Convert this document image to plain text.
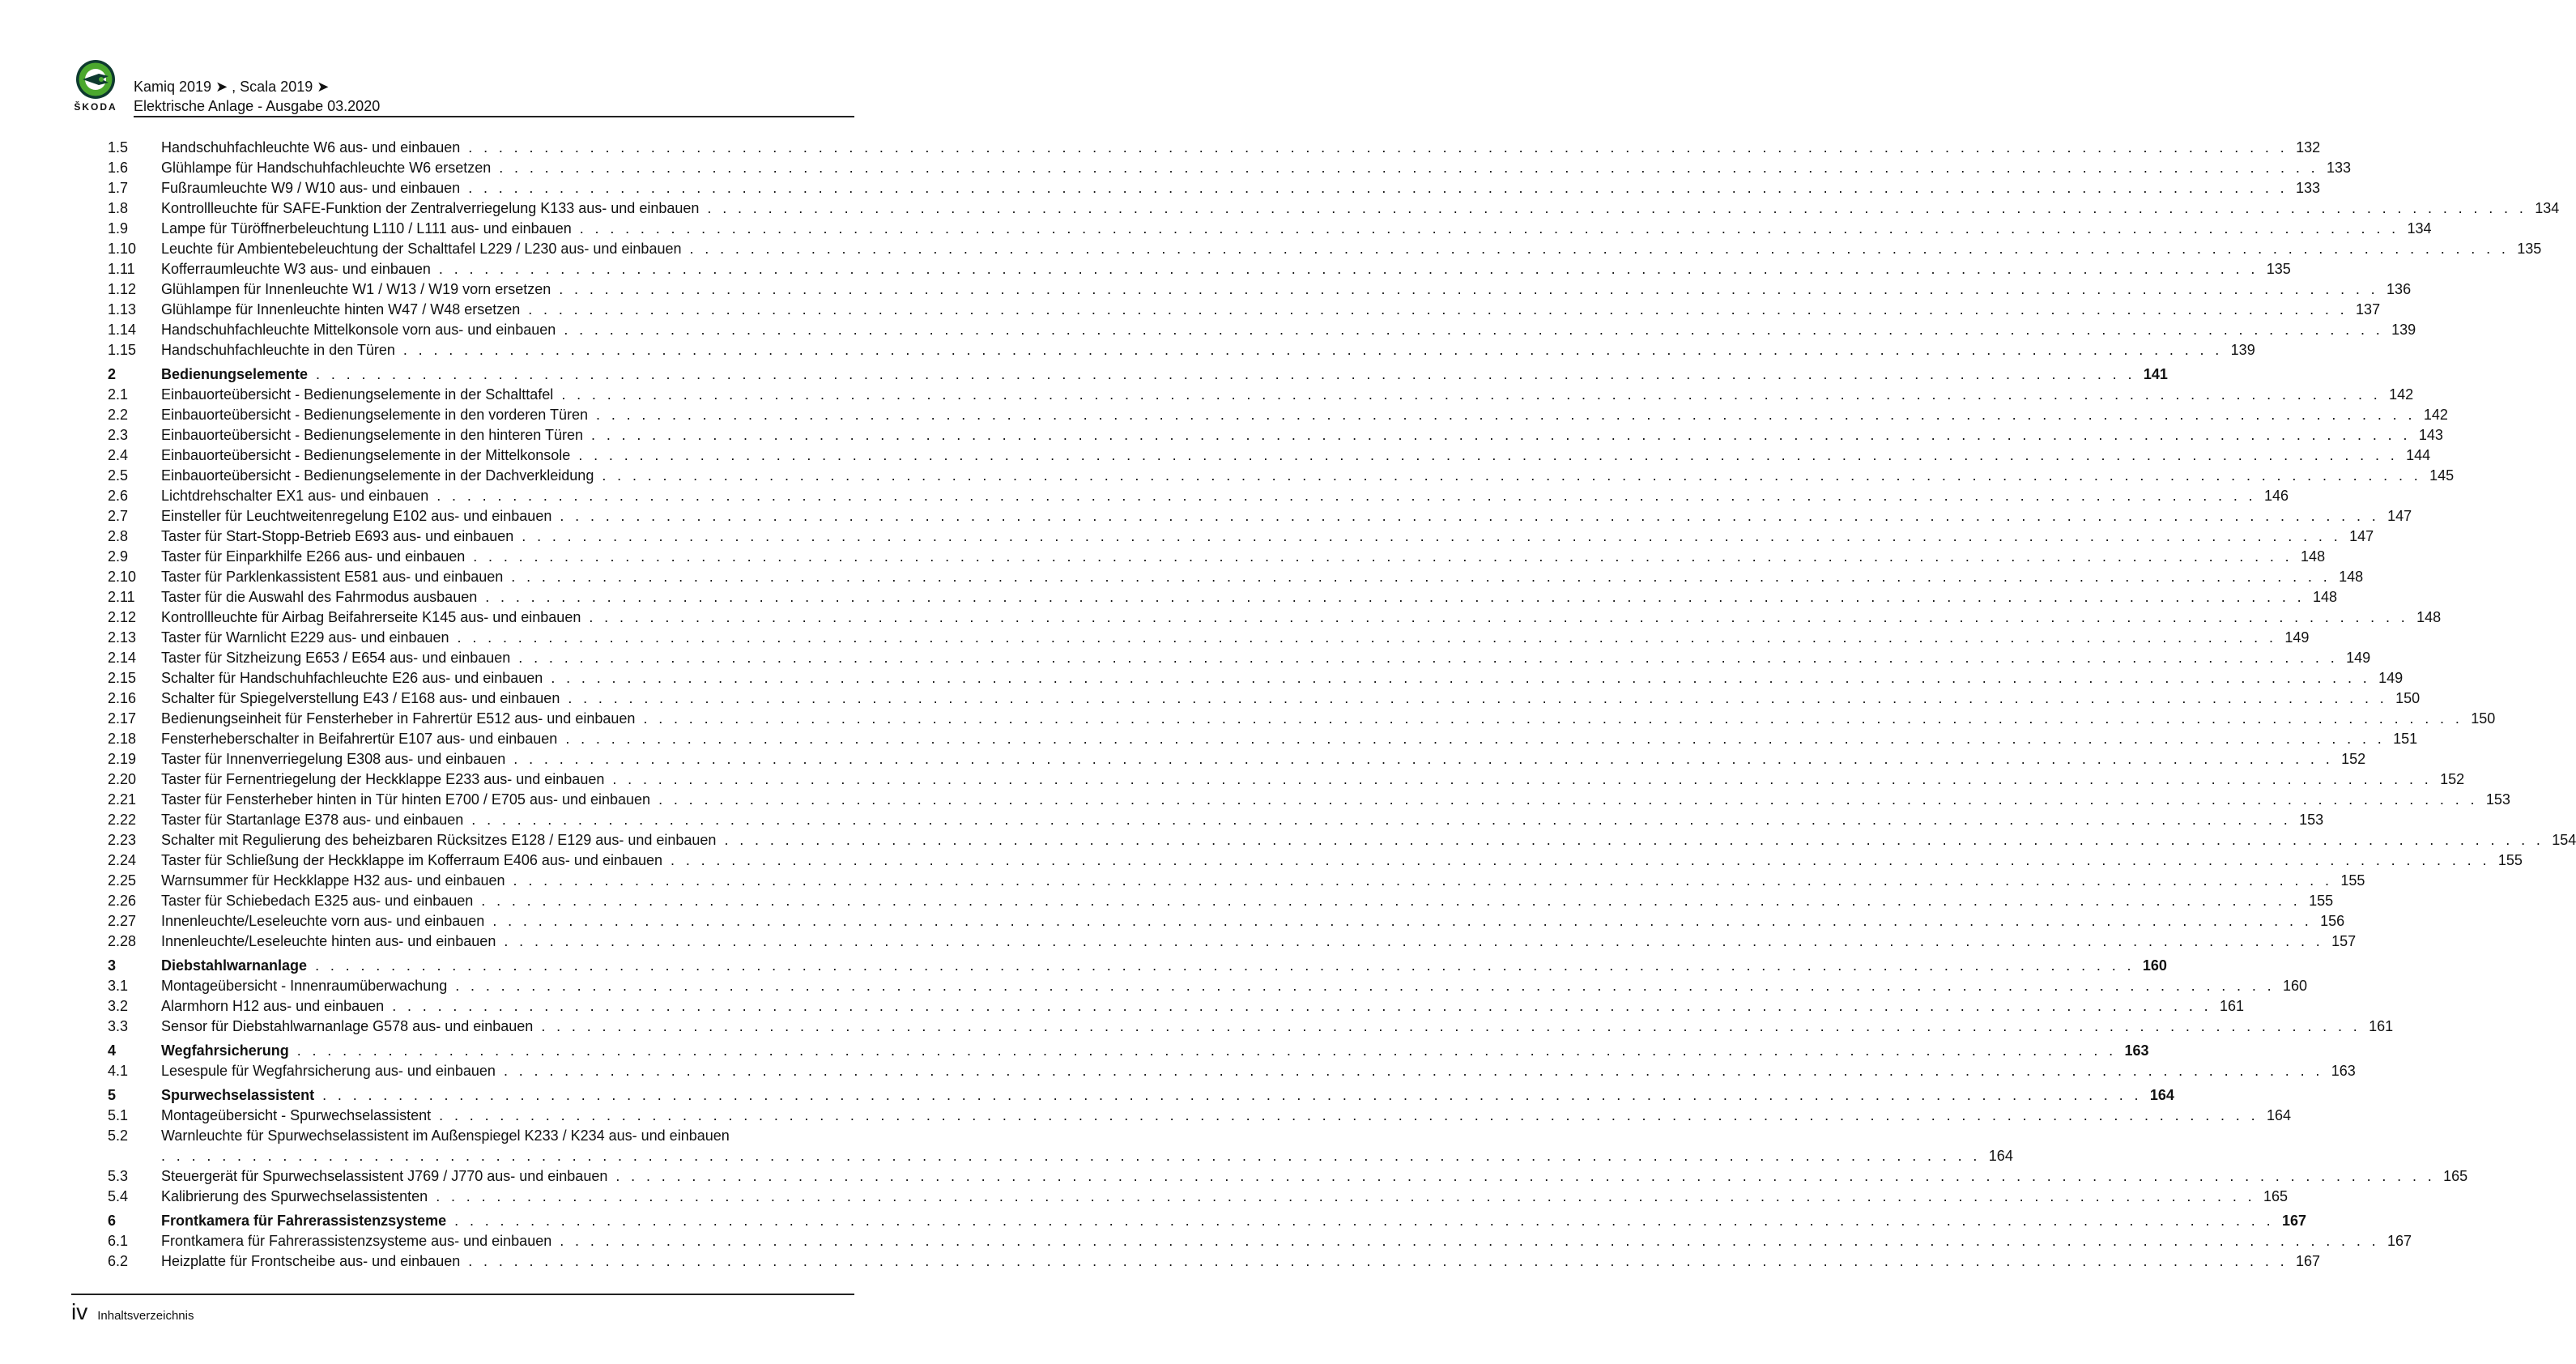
ŠKODA
Kamiq 2019 ➤ , Scala 2019 ➤
Elektrische Anlage - Ausgabe 03.2020
1.5	Handschuhfachleuchte W6 aus- und einbauen . . . . . . . . . . . . . . . . . . . . . . . . . . . . . . . . . . . . . . . . . . . . . . . . . . . . . . . . . . . . . . . . . . . . . . . . . . . . . . . . . . . . . . . . . . . . . . . . . . . . . . . . . . . . . . . . . . . . . . . . 132
1.6	Glühlampe für Handschuhfachleuchte W6 ersetzen . . . . . . . . . . . . . . . . . . . . . . . . . . . . . . . . . . . . . . . . . . . . . . . . . . . . . . . . . . . . . . . . . . . . . . . . . . . . . . . . . . . . . . . . . . . . . . . . . . . . . . . . . . . . . . . . . . . . . . . . 133
1.7	Fußraumleuchte W9 / W10 aus- und einbauen . . . . . . . . . . . . . . . . . . . . . . . . . . . . . . . . . . . . . . . . . . . . . . . . . . . . . . . . . . . . . . . . . . . . . . . . . . . . . . . . . . . . . . . . . . . . . . . . . . . . . . . . . . . . . . . . . . . . . . . . 133
1.8	Kontrollleuchte für SAFE-Funktion der Zentralverriegelung K133 aus- und einbauen . . . . . . . . . . . . . . . . . . . . . . . . . . . . . . . . . . . . . . . . . . . . . . . . . . . . . . . . . . . . . . . . . . . . . . . . . . . . . . . . . . . . . . . . . . . . . . . . . . . . . . . . . . . . . . . . . . . . . . . . 134
1.9	Lampe für Türöffnerbeleuchtung L110 / L111 aus- und einbauen . . . . . . . . . . . . . . . . . . . . . . . . . . . . . . . . . . . . . . . . . . . . . . . . . . . . . . . . . . . . . . . . . . . . . . . . . . . . . . . . . . . . . . . . . . . . . . . . . . . . . . . . . . . . . . . . . . . . . . . . 134
1.10	Leuchte für Ambientebeleuchtung der Schalttafel L229 / L230 aus- und einbauen . . . . . . . . . . . . . . . . . . . . . . . . . . . . . . . . . . . . . . . . . . . . . . . . . . . . . . . . . . . . . . . . . . . . . . . . . . . . . . . . . . . . . . . . . . . . . . . . . . . . . . . . . . . . . . . . . . . . . . . . 135
1.11	Kofferraumleuchte W3 aus- und einbauen . . . . . . . . . . . . . . . . . . . . . . . . . . . . . . . . . . . . . . . . . . . . . . . . . . . . . . . . . . . . . . . . . . . . . . . . . . . . . . . . . . . . . . . . . . . . . . . . . . . . . . . . . . . . . . . . . . . . . . . . 135
1.12	Glühlampen für Innenleuchte W1 / W13 / W19 vorn ersetzen . . . . . . . . . . . . . . . . . . . . . . . . . . . . . . . . . . . . . . . . . . . . . . . . . . . . . . . . . . . . . . . . . . . . . . . . . . . . . . . . . . . . . . . . . . . . . . . . . . . . . . . . . . . . . . . . . . . . . . . . 136
1.13	Glühlampe für Innenleuchte hinten W47 / W48 ersetzen . . . . . . . . . . . . . . . . . . . . . . . . . . . . . . . . . . . . . . . . . . . . . . . . . . . . . . . . . . . . . . . . . . . . . . . . . . . . . . . . . . . . . . . . . . . . . . . . . . . . . . . . . . . . . . . . . . . . . . . . 137
1.14	Handschuhfachleuchte Mittelkonsole vorn aus- und einbauen . . . . . . . . . . . . . . . . . . . . . . . . . . . . . . . . . . . . . . . . . . . . . . . . . . . . . . . . . . . . . . . . . . . . . . . . . . . . . . . . . . . . . . . . . . . . . . . . . . . . . . . . . . . . . . . . . . . . . . . . 139
1.15	Handschuhfachleuchte in den Türen . . . . . . . . . . . . . . . . . . . . . . . . . . . . . . . . . . . . . . . . . . . . . . . . . . . . . . . . . . . . . . . . . . . . . . . . . . . . . . . . . . . . . . . . . . . . . . . . . . . . . . . . . . . . . . . . . . . . . . . . 139
2	Bedienungselemente . . . . . . . . . . . . . . . . . . . . . . . . . . . . . . . . . . . . . . . . . . . . . . . . . . . . . . . . . . . . . . . . . . . . . . . . . . . . . . . . . . . . . . . . . . . . . . . . . . . . . . . . . . . . . . . . . . . . . . . . 141
2.1	Einbauorteübersicht - Bedienungselemente in der Schalttafel . . . . . . . . . . . . . . . . . . . . . . . . . . . . . . . . . . . . . . . . . . . . . . . . . . . . . . . . . . . . . . . . . . . . . . . . . . . . . . . . . . . . . . . . . . . . . . . . . . . . . . . . . . . . . . . . . . . . . . . . 142
2.2	Einbauorteübersicht - Bedienungselemente in den vorderen Türen . . . . . . . . . . . . . . . . . . . . . . . . . . . . . . . . . . . . . . . . . . . . . . . . . . . . . . . . . . . . . . . . . . . . . . . . . . . . . . . . . . . . . . . . . . . . . . . . . . . . . . . . . . . . . . . . . . . . . . . . 142
2.3	Einbauorteübersicht - Bedienungselemente in den hinteren Türen . . . . . . . . . . . . . . . . . . . . . . . . . . . . . . . . . . . . . . . . . . . . . . . . . . . . . . . . . . . . . . . . . . . . . . . . . . . . . . . . . . . . . . . . . . . . . . . . . . . . . . . . . . . . . . . . . . . . . . . . 143
2.4	Einbauorteübersicht - Bedienungselemente in der Mittelkonsole . . . . . . . . . . . . . . . . . . . . . . . . . . . . . . . . . . . . . . . . . . . . . . . . . . . . . . . . . . . . . . . . . . . . . . . . . . . . . . . . . . . . . . . . . . . . . . . . . . . . . . . . . . . . . . . . . . . . . . . . 144
2.5	Einbauorteübersicht - Bedienungselemente in der Dachverkleidung . . . . . . . . . . . . . . . . . . . . . . . . . . . . . . . . . . . . . . . . . . . . . . . . . . . . . . . . . . . . . . . . . . . . . . . . . . . . . . . . . . . . . . . . . . . . . . . . . . . . . . . . . . . . . . . . . . . . . . . . 145
2.6	Lichtdrehschalter EX1 aus- und einbauen . . . . . . . . . . . . . . . . . . . . . . . . . . . . . . . . . . . . . . . . . . . . . . . . . . . . . . . . . . . . . . . . . . . . . . . . . . . . . . . . . . . . . . . . . . . . . . . . . . . . . . . . . . . . . . . . . . . . . . . . 146
2.7	Einsteller für Leuchtweitenregelung E102 aus- und einbauen . . . . . . . . . . . . . . . . . . . . . . . . . . . . . . . . . . . . . . . . . . . . . . . . . . . . . . . . . . . . . . . . . . . . . . . . . . . . . . . . . . . . . . . . . . . . . . . . . . . . . . . . . . . . . . . . . . . . . . . . 147
2.8	Taster für Start-Stopp-Betrieb E693 aus- und einbauen . . . . . . . . . . . . . . . . . . . . . . . . . . . . . . . . . . . . . . . . . . . . . . . . . . . . . . . . . . . . . . . . . . . . . . . . . . . . . . . . . . . . . . . . . . . . . . . . . . . . . . . . . . . . . . . . . . . . . . . . 147
2.9	Taster für Einparkhilfe E266 aus- und einbauen . . . . . . . . . . . . . . . . . . . . . . . . . . . . . . . . . . . . . . . . . . . . . . . . . . . . . . . . . . . . . . . . . . . . . . . . . . . . . . . . . . . . . . . . . . . . . . . . . . . . . . . . . . . . . . . . . . . . . . . . 148
2.10	Taster für Parklenkassistent E581 aus- und einbauen . . . . . . . . . . . . . . . . . . . . . . . . . . . . . . . . . . . . . . . . . . . . . . . . . . . . . . . . . . . . . . . . . . . . . . . . . . . . . . . . . . . . . . . . . . . . . . . . . . . . . . . . . . . . . . . . . . . . . . . . 148
2.11	Taster für die Auswahl des Fahrmodus ausbauen . . . . . . . . . . . . . . . . . . . . . . . . . . . . . . . . . . . . . . . . . . . . . . . . . . . . . . . . . . . . . . . . . . . . . . . . . . . . . . . . . . . . . . . . . . . . . . . . . . . . . . . . . . . . . . . . . . . . . . . . 148
2.12	Kontrollleuchte für Airbag Beifahrerseite K145 aus- und einbauen . . . . . . . . . . . . . . . . . . . . . . . . . . . . . . . . . . . . . . . . . . . . . . . . . . . . . . . . . . . . . . . . . . . . . . . . . . . . . . . . . . . . . . . . . . . . . . . . . . . . . . . . . . . . . . . . . . . . . . . . 148
2.13	Taster für Warnlicht E229 aus- und einbauen . . . . . . . . . . . . . . . . . . . . . . . . . . . . . . . . . . . . . . . . . . . . . . . . . . . . . . . . . . . . . . . . . . . . . . . . . . . . . . . . . . . . . . . . . . . . . . . . . . . . . . . . . . . . . . . . . . . . . . . . 149
2.14	Taster für Sitzheizung E653 / E654 aus- und einbauen . . . . . . . . . . . . . . . . . . . . . . . . . . . . . . . . . . . . . . . . . . . . . . . . . . . . . . . . . . . . . . . . . . . . . . . . . . . . . . . . . . . . . . . . . . . . . . . . . . . . . . . . . . . . . . . . . . . . . . . . 149
2.15	Schalter für Handschuhfachleuchte E26 aus- und einbauen . . . . . . . . . . . . . . . . . . . . . . . . . . . . . . . . . . . . . . . . . . . . . . . . . . . . . . . . . . . . . . . . . . . . . . . . . . . . . . . . . . . . . . . . . . . . . . . . . . . . . . . . . . . . . . . . . . . . . . . . 149
2.16	Schalter für Spiegelverstellung E43 / E168 aus- und einbauen . . . . . . . . . . . . . . . . . . . . . . . . . . . . . . . . . . . . . . . . . . . . . . . . . . . . . . . . . . . . . . . . . . . . . . . . . . . . . . . . . . . . . . . . . . . . . . . . . . . . . . . . . . . . . . . . . . . . . . . . 150
2.17	Bedienungseinheit für Fensterheber in Fahrertür E512 aus- und einbauen . . . . . . . . . . . . . . . . . . . . . . . . . . . . . . . . . . . . . . . . . . . . . . . . . . . . . . . . . . . . . . . . . . . . . . . . . . . . . . . . . . . . . . . . . . . . . . . . . . . . . . . . . . . . . . . . . . . . . . . . 150
2.18	Fensterheberschalter in Beifahrertür E107 aus- und einbauen . . . . . . . . . . . . . . . . . . . . . . . . . . . . . . . . . . . . . . . . . . . . . . . . . . . . . . . . . . . . . . . . . . . . . . . . . . . . . . . . . . . . . . . . . . . . . . . . . . . . . . . . . . . . . . . . . . . . . . . . 151
2.19	Taster für Innenverriegelung E308 aus- und einbauen . . . . . . . . . . . . . . . . . . . . . . . . . . . . . . . . . . . . . . . . . . . . . . . . . . . . . . . . . . . . . . . . . . . . . . . . . . . . . . . . . . . . . . . . . . . . . . . . . . . . . . . . . . . . . . . . . . . . . . . . 152
2.20	Taster für Fernentriegelung der Heckklappe E233 aus- und einbauen . . . . . . . . . . . . . . . . . . . . . . . . . . . . . . . . . . . . . . . . . . . . . . . . . . . . . . . . . . . . . . . . . . . . . . . . . . . . . . . . . . . . . . . . . . . . . . . . . . . . . . . . . . . . . . . . . . . . . . . . 152
2.21	Taster für Fensterheber hinten in Tür hinten E700 / E705 aus- und einbauen . . . . . . . . . . . . . . . . . . . . . . . . . . . . . . . . . . . . . . . . . . . . . . . . . . . . . . . . . . . . . . . . . . . . . . . . . . . . . . . . . . . . . . . . . . . . . . . . . . . . . . . . . . . . . . . . . . . . . . . . 153
2.22	Taster für Startanlage E378 aus- und einbauen . . . . . . . . . . . . . . . . . . . . . . . . . . . . . . . . . . . . . . . . . . . . . . . . . . . . . . . . . . . . . . . . . . . . . . . . . . . . . . . . . . . . . . . . . . . . . . . . . . . . . . . . . . . . . . . . . . . . . . . . 153
2.23	Schalter mit Regulierung des beheizbaren Rücksitzes E128 / E129 aus- und einbauen . . . . . . . . . . . . . . . . . . . . . . . . . . . . . . . . . . . . . . . . . . . . . . . . . . . . . . . . . . . . . . . . . . . . . . . . . . . . . . . . . . . . . . . . . . . . . . . . . . . . . . . . . . . . . . . . . . . . . . . . 154
2.24	Taster für Schließung der Heckklappe im Kofferraum E406 aus- und einbauen . . . . . . . . . . . . . . . . . . . . . . . . . . . . . . . . . . . . . . . . . . . . . . . . . . . . . . . . . . . . . . . . . . . . . . . . . . . . . . . . . . . . . . . . . . . . . . . . . . . . . . . . . . . . . . . . . . . . . . . . 155
2.25	Warnsummer für Heckklappe H32 aus- und einbauen . . . . . . . . . . . . . . . . . . . . . . . . . . . . . . . . . . . . . . . . . . . . . . . . . . . . . . . . . . . . . . . . . . . . . . . . . . . . . . . . . . . . . . . . . . . . . . . . . . . . . . . . . . . . . . . . . . . . . . . . 155
2.26	Taster für Schiebedach E325 aus- und einbauen . . . . . . . . . . . . . . . . . . . . . . . . . . . . . . . . . . . . . . . . . . . . . . . . . . . . . . . . . . . . . . . . . . . . . . . . . . . . . . . . . . . . . . . . . . . . . . . . . . . . . . . . . . . . . . . . . . . . . . . . 155
2.27	Innenleuchte/Leseleuchte vorn aus- und einbauen . . . . . . . . . . . . . . . . . . . . . . . . . . . . . . . . . . . . . . . . . . . . . . . . . . . . . . . . . . . . . . . . . . . . . . . . . . . . . . . . . . . . . . . . . . . . . . . . . . . . . . . . . . . . . . . . . . . . . . . . 156
2.28	Innenleuchte/Leseleuchte hinten aus- und einbauen . . . . . . . . . . . . . . . . . . . . . . . . . . . . . . . . . . . . . . . . . . . . . . . . . . . . . . . . . . . . . . . . . . . . . . . . . . . . . . . . . . . . . . . . . . . . . . . . . . . . . . . . . . . . . . . . . . . . . . . . 157
3	Diebstahlwarnanlage . . . . . . . . . . . . . . . . . . . . . . . . . . . . . . . . . . . . . . . . . . . . . . . . . . . . . . . . . . . . . . . . . . . . . . . . . . . . . . . . . . . . . . . . . . . . . . . . . . . . . . . . . . . . . . . . . . . . . . . . 160
3.1	Montageübersicht - Innenraumüberwachung . . . . . . . . . . . . . . . . . . . . . . . . . . . . . . . . . . . . . . . . . . . . . . . . . . . . . . . . . . . . . . . . . . . . . . . . . . . . . . . . . . . . . . . . . . . . . . . . . . . . . . . . . . . . . . . . . . . . . . . . 160
3.2	Alarmhorn H12 aus- und einbauen . . . . . . . . . . . . . . . . . . . . . . . . . . . . . . . . . . . . . . . . . . . . . . . . . . . . . . . . . . . . . . . . . . . . . . . . . . . . . . . . . . . . . . . . . . . . . . . . . . . . . . . . . . . . . . . . . . . . . . . . 161
3.3	Sensor für Diebstahlwarnanlage G578 aus- und einbauen . . . . . . . . . . . . . . . . . . . . . . . . . . . . . . . . . . . . . . . . . . . . . . . . . . . . . . . . . . . . . . . . . . . . . . . . . . . . . . . . . . . . . . . . . . . . . . . . . . . . . . . . . . . . . . . . . . . . . . . . 161
4	Wegfahrsicherung . . . . . . . . . . . . . . . . . . . . . . . . . . . . . . . . . . . . . . . . . . . . . . . . . . . . . . . . . . . . . . . . . . . . . . . . . . . . . . . . . . . . . . . . . . . . . . . . . . . . . . . . . . . . . . . . . . . . . . . . 163
4.1	Lesespule für Wegfahrsicherung aus- und einbauen . . . . . . . . . . . . . . . . . . . . . . . . . . . . . . . . . . . . . . . . . . . . . . . . . . . . . . . . . . . . . . . . . . . . . . . . . . . . . . . . . . . . . . . . . . . . . . . . . . . . . . . . . . . . . . . . . . . . . . . . 163
5	Spurwechselassistent . . . . . . . . . . . . . . . . . . . . . . . . . . . . . . . . . . . . . . . . . . . . . . . . . . . . . . . . . . . . . . . . . . . . . . . . . . . . . . . . . . . . . . . . . . . . . . . . . . . . . . . . . . . . . . . . . . . . . . . . 164
5.1	Montageübersicht - Spurwechselassistent . . . . . . . . . . . . . . . . . . . . . . . . . . . . . . . . . . . . . . . . . . . . . . . . . . . . . . . . . . . . . . . . . . . . . . . . . . . . . . . . . . . . . . . . . . . . . . . . . . . . . . . . . . . . . . . . . . . . . . . . 164
5.2	Warnleuchte für Spurwechselassistent im Außenspiegel K233 / K234 aus- und einbauen
. . . . . . . . . . . . . . . . . . . . . . . . . . . . . . . . . . . . . . . . . . . . . . . . . . . . . . . . . . . . . . . . . . . . . . . . . . . . . . . . . . . . . . . . . . . . . . . . . . . . . . . . . . . . . . . . . . . . . . . . 164
5.3	Steuergerät für Spurwechselassistent J769 / J770 aus- und einbauen . . . . . . . . . . . . . . . . . . . . . . . . . . . . . . . . . . . . . . . . . . . . . . . . . . . . . . . . . . . . . . . . . . . . . . . . . . . . . . . . . . . . . . . . . . . . . . . . . . . . . . . . . . . . . . . . . . . . . . . . 165
5.4	Kalibrierung des Spurwechselassistenten . . . . . . . . . . . . . . . . . . . . . . . . . . . . . . . . . . . . . . . . . . . . . . . . . . . . . . . . . . . . . . . . . . . . . . . . . . . . . . . . . . . . . . . . . . . . . . . . . . . . . . . . . . . . . . . . . . . . . . . . 165
6	Frontkamera für Fahrerassistenzsysteme . . . . . . . . . . . . . . . . . . . . . . . . . . . . . . . . . . . . . . . . . . . . . . . . . . . . . . . . . . . . . . . . . . . . . . . . . . . . . . . . . . . . . . . . . . . . . . . . . . . . . . . . . . . . . . . . . . . . . . . . 167
6.1	Frontkamera für Fahrerassistenzsysteme aus- und einbauen . . . . . . . . . . . . . . . . . . . . . . . . . . . . . . . . . . . . . . . . . . . . . . . . . . . . . . . . . . . . . . . . . . . . . . . . . . . . . . . . . . . . . . . . . . . . . . . . . . . . . . . . . . . . . . . . . . . . . . . . 167
6.2	Heizplatte für Frontscheibe aus- und einbauen . . . . . . . . . . . . . . . . . . . . . . . . . . . . . . . . . . . . . . . . . . . . . . . . . . . . . . . . . . . . . . . . . . . . . . . . . . . . . . . . . . . . . . . . . . . . . . . . . . . . . . . . . . . . . . . . . . . . . . . . 167
iv Inhaltsverzeichnis
